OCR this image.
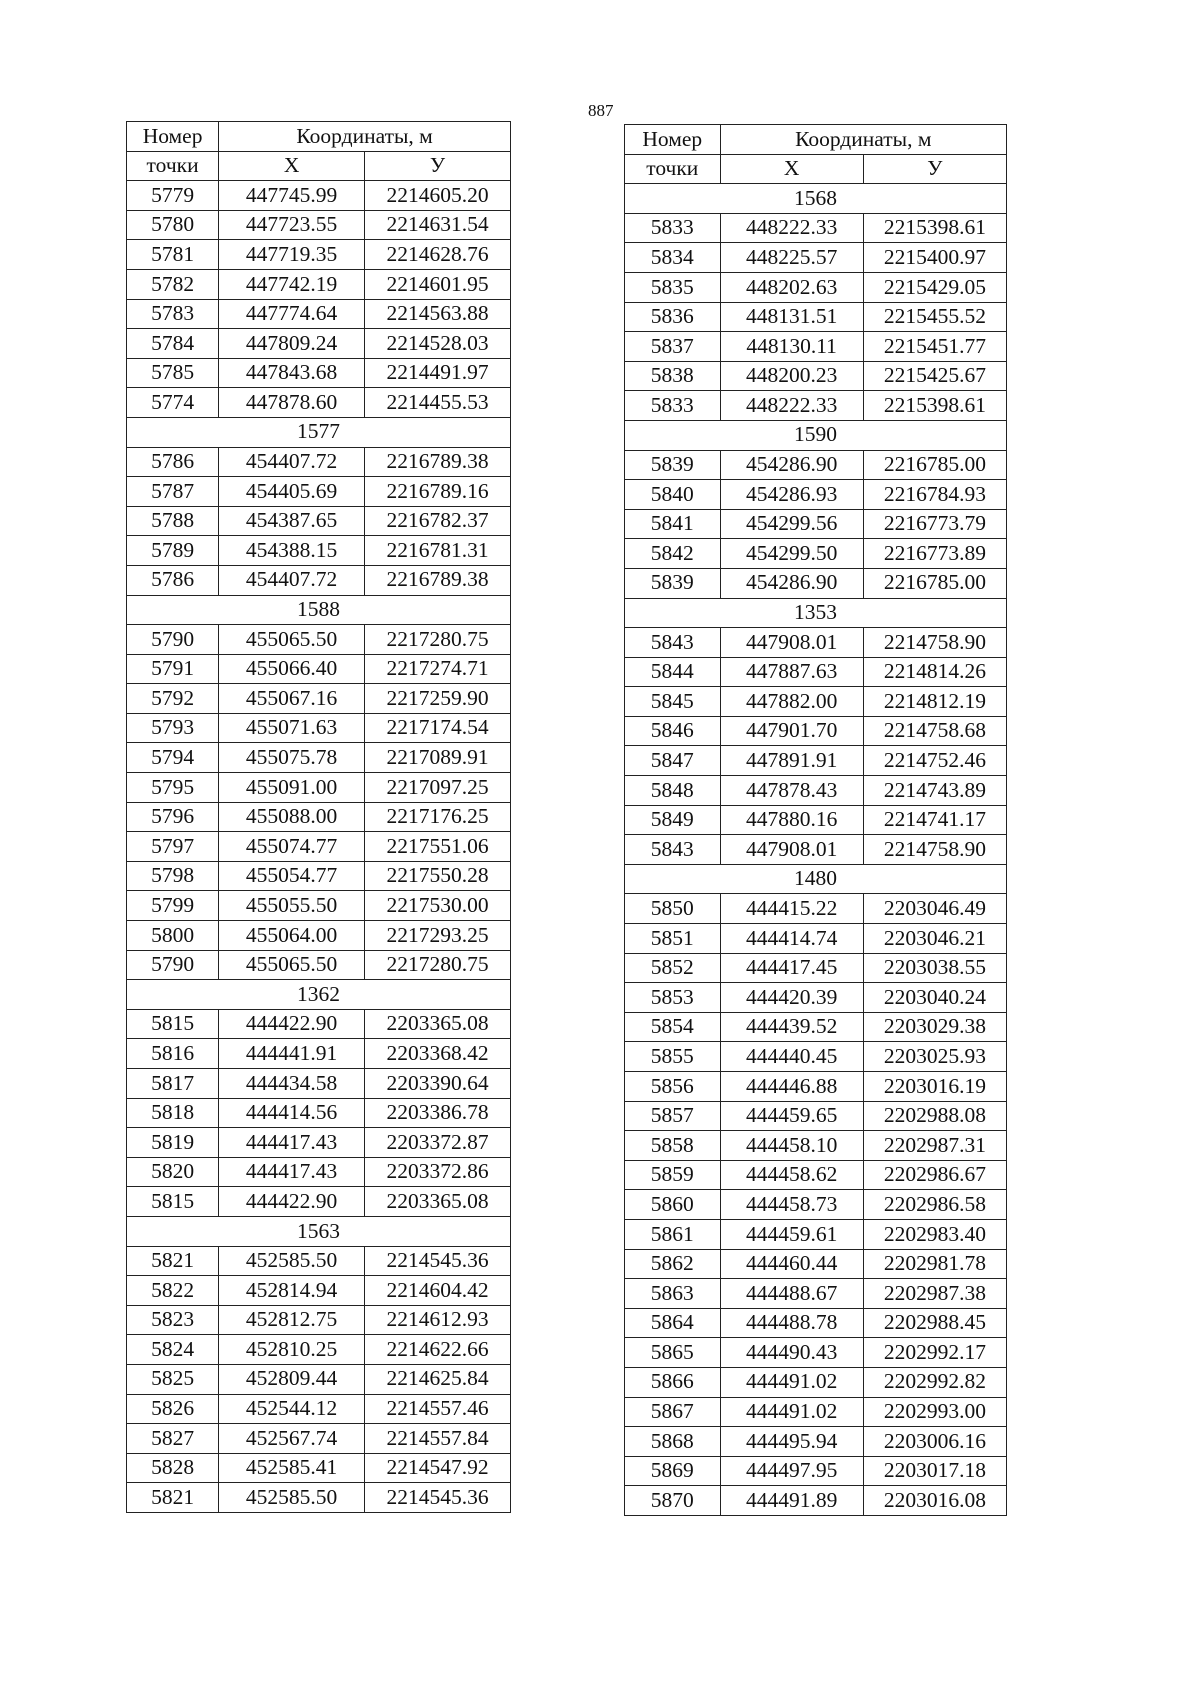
887
Номер	Координаты, м	
точки	X	У
5779	447745.99	2214605.20
5780	447723.55	2214631.54
5781	447719.35	2214628.76
5782	447742.19	2214601.95
5783	447774.64	2214563.88
5784	447809.24	2214528.03
5785	447843.68	2214491.97
5774	447878.60	2214455.53
1577		
5786	454407.72	2216789.38
5787	454405.69	2216789.16
5788	454387.65	2216782.37
5789	454388.15	2216781.31
5786	454407.72	2216789.38
1588		
5790	455065.50	2217280.75
5791	455066.40	2217274.71
5792	455067.16	2217259.90
5793	455071.63	2217174.54
5794	455075.78	2217089.91
5795	455091.00	2217097.25
5796	455088.00	2217176.25
5797	455074.77	2217551.06
5798	455054.77	2217550.28
5799	455055.50	2217530.00
5800	455064.00	2217293.25
5790	455065.50	2217280.75
1362		
5815	444422.90	2203365.08
5816	444441.91	2203368.42
5817	444434.58	2203390.64
5818	444414.56	2203386.78
5819	444417.43	2203372.87
5820	444417.43	2203372.86
5815	444422.90	2203365.08
1563		
5821	452585.50	2214545.36
5822	452814.94	2214604.42
5823	452812.75	2214612.93
5824	452810.25	2214622.66
5825	452809.44	2214625.84
5826	452544.12	2214557.46
5827	452567.74	2214557.84
5828	452585.41	2214547.92
5821	452585.50	2214545.36
Номер	Координаты, м	
точки	X	У
1568		
5833	448222.33	2215398.61
5834	448225.57	2215400.97
5835	448202.63	2215429.05
5836	448131.51	2215455.52
5837	448130.11	2215451.77
5838	448200.23	2215425.67
5833	448222.33	2215398.61
1590		
5839	454286.90	2216785.00
5840	454286.93	2216784.93
5841	454299.56	2216773.79
5842	454299.50	2216773.89
5839	454286.90	2216785.00
1353		
5843	447908.01	2214758.90
5844	447887.63	2214814.26
5845	447882.00	2214812.19
5846	447901.70	2214758.68
5847	447891.91	2214752.46
5848	447878.43	2214743.89
5849	447880.16	2214741.17
5843	447908.01	2214758.90
1480		
5850	444415.22	2203046.49
5851	444414.74	2203046.21
5852	444417.45	2203038.55
5853	444420.39	2203040.24
5854	444439.52	2203029.38
5855	444440.45	2203025.93
5856	444446.88	2203016.19
5857	444459.65	2202988.08
5858	444458.10	2202987.31
5859	444458.62	2202986.67
5860	444458.73	2202986.58
5861	444459.61	2202983.40
5862	444460.44	2202981.78
5863	444488.67	2202987.38
5864	444488.78	2202988.45
5865	444490.43	2202992.17
5866	444491.02	2202992.82
5867	444491.02	2202993.00
5868	444495.94	2203006.16
5869	444497.95	2203017.18
5870	444491.89	2203016.08
